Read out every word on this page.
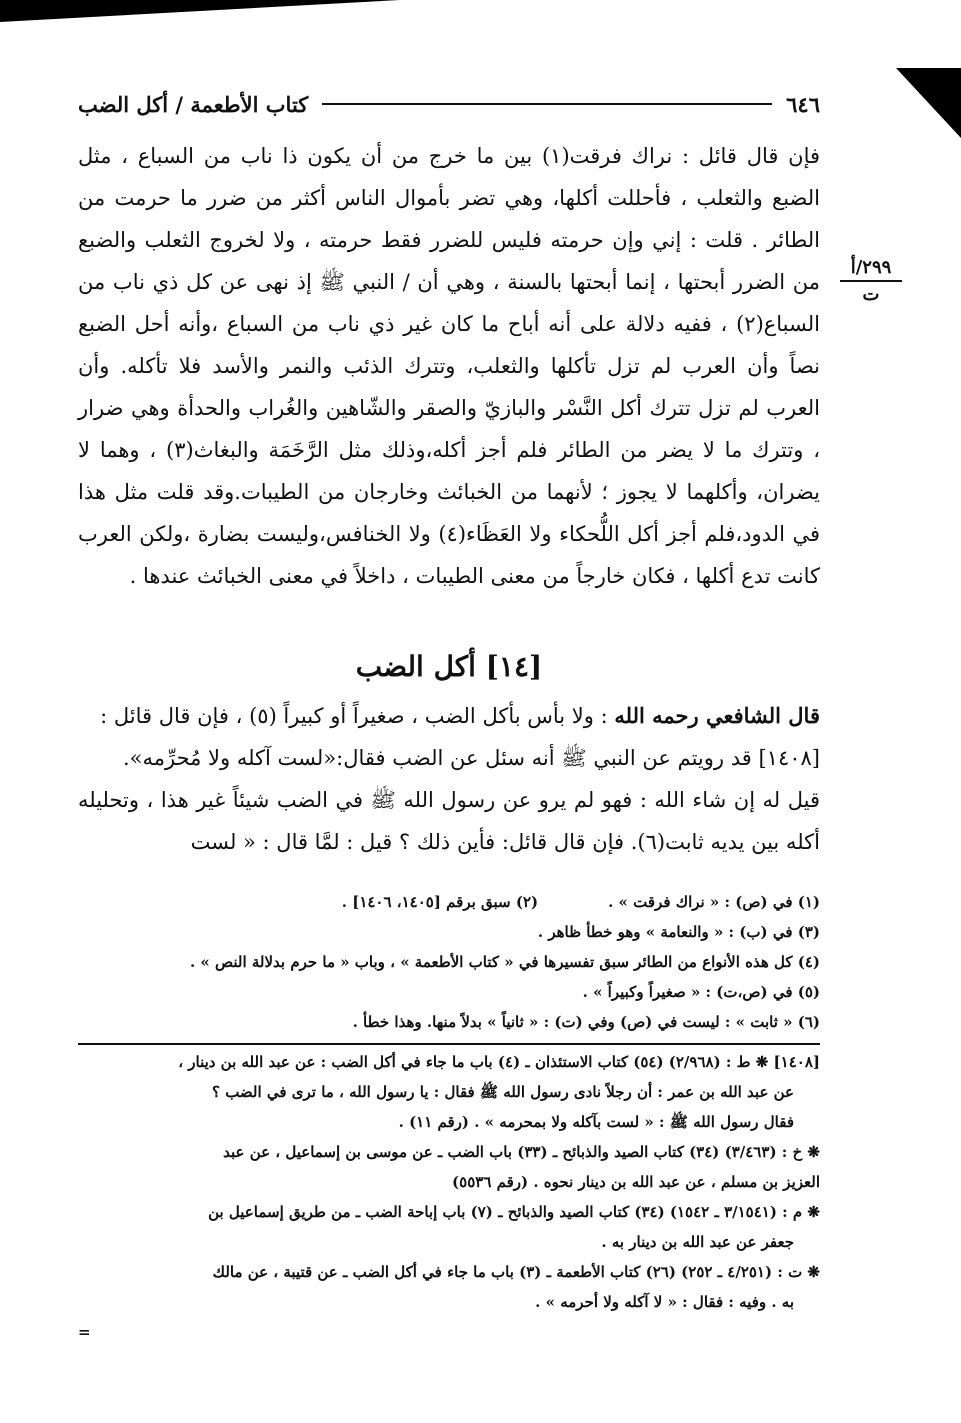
٦٤٦
كتاب الأطعمة / أكل الضب
٢٩٩/أ
ت
فإن قال قائل : نراك فرقت(١) بين ما خرج من أن يكون ذا ناب من السباع ، مثل الضبع والثعلب ، فأحللت أكلها، وهي تضر بأموال الناس أكثر من ضرر ما حرمت من الطائر . قلت : إني وإن حرمته فليس للضرر فقط حرمته ، ولا لخروج الثعلب والضبع من الضرر أبحتها ، إنما أبحتها بالسنة ، وهي أن / النبي ﷺ إذ نهى عن كل ذي ناب من السباع(٢) ، ففيه دلالة على أنه أباح ما كان غير ذي ناب من السباع ،وأنه أحل الضبع نصاً وأن العرب لم تزل تأكلها والثعلب، وتترك الذئب والنمر والأسد فلا تأكله. وأن العرب لم تزل تترك أكل النَّسْر والبازيّ والصقر والشّاهين والغُراب والحدأة وهي ضرار ، وتترك ما لا يضر من الطائر فلم أجز أكله،وذلك مثل الرَّخَمَة والبغاث(٣) ، وهما لا يضران، وأكلهما لا يجوز ؛ لأنهما من الخبائث وخارجان من الطيبات.وقد قلت مثل هذا في الدود،فلم أجز أكل اللُّحكاء ولا العَظَاء(٤) ولا الخنافس،وليست بضارة ،ولكن العرب كانت تدع أكلها ، فكان خارجاً من معنى الطيبات ، داخلاً في معنى الخبائث عندها .
[١٤] أكل الضب

قال الشافعي رحمه الله : ولا بأس بأكل الضب ، صغيراً أو كبيراً (٥) ، فإن قال قائل :

[١٤٠٨] قد رويتم عن النبي ﷺ أنه سئل عن الضب فقال:«لست آكله ولا مُحرِّمه».

قيل له إن شاء الله : فهو لم يرو عن رسول الله ﷺ في الضب شيئاً غير هذا ، وتحليله أكله بين يديه ثابت(٦). فإن قال قائل: فأين ذلك ؟ قيل : لمَّا قال : « لست

(١) في (ص) : « نراك فرقت » .(٢) سبق برقم [١٤٠٥، ١٤٠٦] .

(٣) في (ب) : « والنعامة » وهو خطأ ظاهر .

(٤) كل هذه الأنواع من الطائر سبق تفسيرها في « كتاب الأطعمة » ، وباب « ما حرم بدلالة النص » .

(٥) في (ص،ت) : « صغيراً وكبيراً » .

(٦) « ثابت » : ليست في (ص) وفي (ت) : « ثانياً » بدلاً منها. وهذا خطأ .

[١٤٠٨] ❋ ط : (٢/٩٦٨) (٥٤) كتاب الاستئذان ـ (٤) باب ما جاء في أكل الضب : عن عبد الله بن دينار ،

عن عبد الله بن عمر : أن رجلاً نادى رسول الله ﷺ فقال : يا رسول الله ، ما ترى في الضب ؟

فقال رسول الله ﷺ : « لست بآكله ولا بمحرمه » . (رقم ١١) .

❋ خ : (٣/٤٦٣) (٣٤) كتاب الصيد والذبائح ـ (٣٣) باب الضب ـ عن موسى بن إسماعيل ، عن عبد

العزيز بن مسلم ، عن عبد الله بن دينار نحوه . (رقم ٥٥٣٦)

❋ م : (٣/١٥٤١ ـ ١٥٤٢) (٣٤) كتاب الصيد والذبائح ـ (٧) باب إباحة الضب ـ من طريق إسماعيل بن

جعفر عن عبد الله بن دينار به .

❋ ت : (٤/٢٥١ ـ ٢٥٢) (٢٦) كتاب الأطعمة ـ (٣) باب ما جاء في أكل الضب ـ عن قتيبة ، عن مالك

به . وفيه : فقال : « لا آكله ولا أحرمه » .

=
